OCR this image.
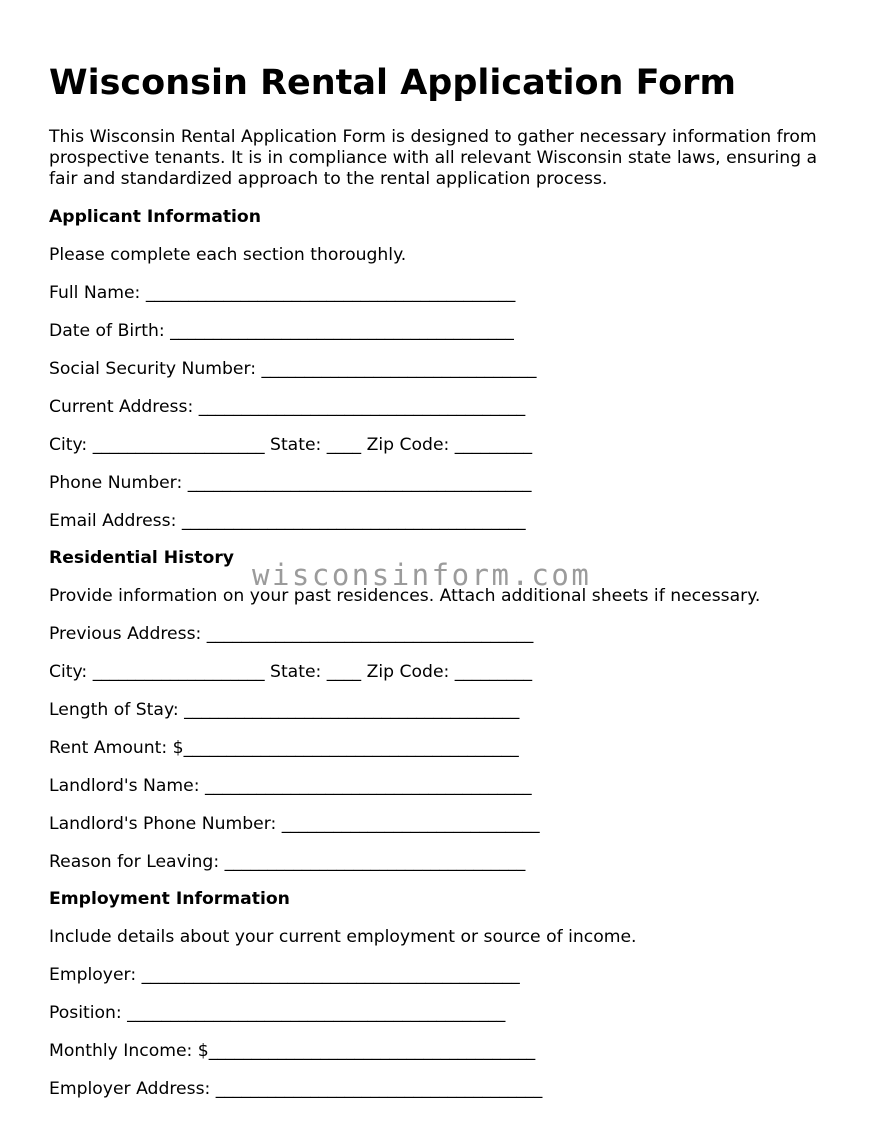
Wisconsin Rental Application Form

This Wisconsin Rental Application Form is designed to gather necessary information from prospective tenants. It is in compliance with all relevant Wisconsin state laws, ensuring a fair and standardized approach to the rental application process.

Applicant Information

Please complete each section thoroughly.

Full Name: ___________________________________________

Date of Birth: ________________________________________

Social Security Number: ________________________________

Current Address: ______________________________________

City: ____________________ State: ____ Zip Code: _________

Phone Number: ________________________________________

Email Address: ________________________________________

Residential History

Provide information on your past residences. Attach additional sheets if necessary.

Previous Address: ______________________________________

City: ____________________ State: ____ Zip Code: _________

Length of Stay: _______________________________________

Rent Amount: $_______________________________________

Landlord's Name: ______________________________________

Landlord's Phone Number: ______________________________

Reason for Leaving: ___________________________________

Employment Information

Include details about your current employment or source of income.

Employer: ____________________________________________

Position: ____________________________________________

Monthly Income: $______________________________________

Employer Address: ______________________________________

wisconsinform.com
